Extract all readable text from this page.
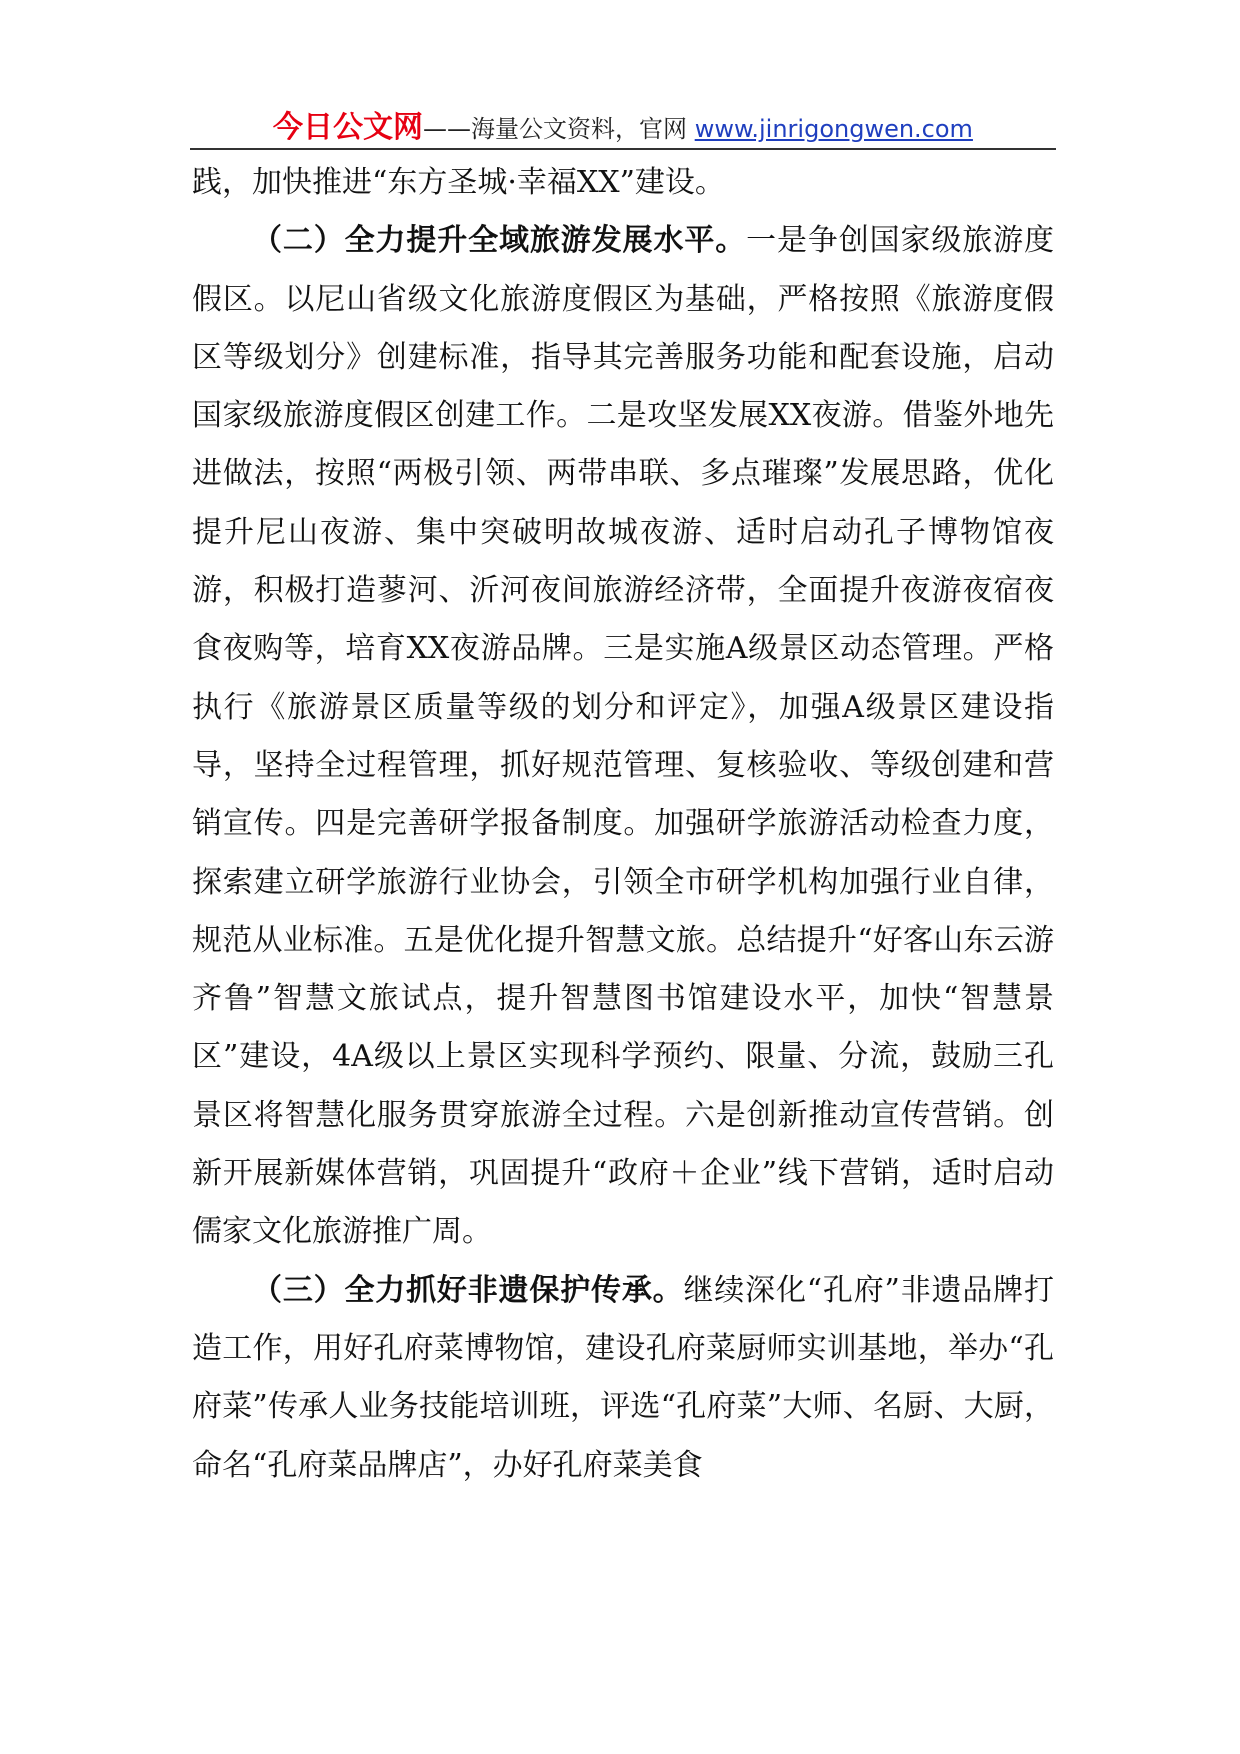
今日公文网——海量公文资料，官网 www.jinrigongwen.com

践，加快推进“东方圣城·幸福XX”建设。

（二）全力提升全域旅游发展水平。一是争创国家级旅游度假区。以尼山省级文化旅游度假区为基础，严格按照《旅游度假区等级划分》创建标准，指导其完善服务功能和配套设施，启动国家级旅游度假区创建工作。二是攻坚发展XX夜游。借鉴外地先进做法，按照“两极引领、两带串联、多点璀璨”发展思路，优化提升尼山夜游、集中突破明故城夜游、适时启动孔子博物馆夜游，积极打造蓼河、沂河夜间旅游经济带，全面提升夜游夜宿夜食夜购等，培育XX夜游品牌。三是实施A级景区动态管理。严格执行《旅游景区质量等级的划分和评定》，加强A级景区建设指导，坚持全过程管理，抓好规范管理、复核验收、等级创建和营销宣传。四是完善研学报备制度。加强研学旅游活动检查力度，探索建立研学旅游行业协会，引领全市研学机构加强行业自律，规范从业标准。五是优化提升智慧文旅。总结提升“好客山东云游齐鲁”智慧文旅试点，提升智慧图书馆建设水平，加快“智慧景区”建设，4A级以上景区实现科学预约、限量、分流，鼓励三孔景区将智慧化服务贯穿旅游全过程。六是创新推动宣传营销。创新开展新媒体营销，巩固提升“政府＋企业”线下营销，适时启动儒家文化旅游推广周。

（三）全力抓好非遗保护传承。继续深化“孔府”非遗品牌打造工作，用好孔府菜博物馆，建设孔府菜厨师实训基地，举办“孔府菜”传承人业务技能培训班，评选“孔府菜”大师、名厨、大厨，命名“孔府菜品牌店”，办好孔府菜美食
